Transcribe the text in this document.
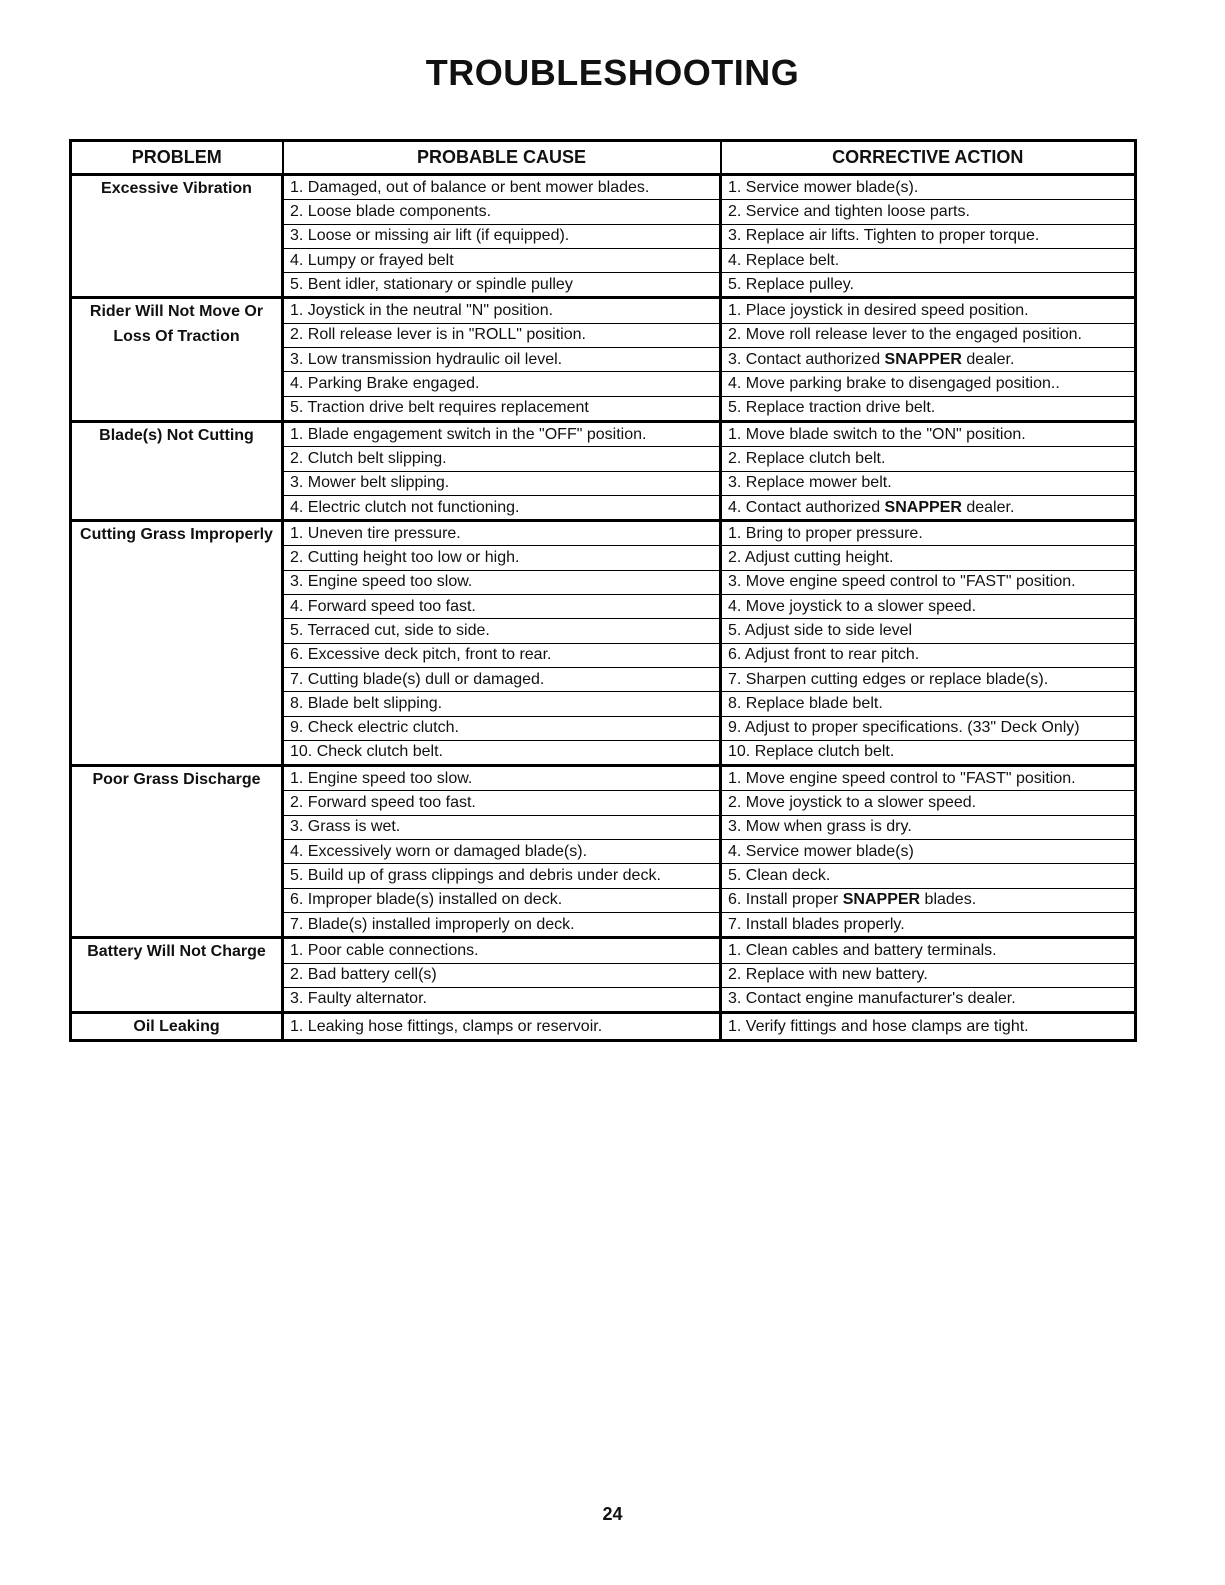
TROUBLESHOOTING
PROBLEM	PROBABLE CAUSE	CORRECTIVE ACTION
Excessive Vibration	1. Damaged, out of balance or bent mower blades.	1. Service mower blade(s).
	2. Loose blade components.	2. Service and tighten loose parts.
	3. Loose or missing air lift (if equipped).	3. Replace air lifts. Tighten to proper torque.
	4. Lumpy or frayed belt	4. Replace belt.
	5. Bent idler, stationary or spindle pulley	5. Replace pulley.
Rider Will Not Move Or Loss Of Traction	1. Joystick in the neutral "N" position.	1. Place joystick in desired speed position.
	2. Roll release lever is in "ROLL" position.	2. Move roll release lever to the engaged position.
	3. Low transmission hydraulic oil level.	3. Contact authorized SNAPPER dealer.
	4. Parking Brake engaged.	4. Move parking brake to disengaged position..
	5. Traction drive belt requires replacement	5. Replace traction drive belt.
Blade(s) Not Cutting	1. Blade engagement switch in the "OFF" position.	1. Move blade switch to the "ON" position.
	2. Clutch belt slipping.	2. Replace clutch belt.
	3. Mower belt slipping.	3. Replace mower belt.
	4. Electric clutch not functioning.	4. Contact authorized SNAPPER dealer.
Cutting Grass Improperly	1. Uneven tire pressure.	1. Bring to proper pressure.
	2. Cutting height too low or high.	2. Adjust cutting height.
	3. Engine speed too slow.	3. Move engine speed control to "FAST" position.
	4. Forward speed too fast.	4. Move joystick to a slower speed.
	5. Terraced cut, side to side.	5. Adjust side to side level
	6. Excessive deck pitch, front to rear.	6. Adjust front to rear pitch.
	7. Cutting blade(s) dull or damaged.	7. Sharpen cutting edges or replace blade(s).
	8. Blade belt slipping.	8. Replace blade belt.
	9. Check electric clutch.	9. Adjust to proper specifications. (33" Deck Only)
	10. Check clutch belt.	10. Replace clutch belt.
Poor Grass Discharge	1. Engine speed too slow.	1. Move engine speed control to "FAST" position.
	2. Forward speed too fast.	2. Move joystick to a slower speed.
	3. Grass is wet.	3. Mow when grass is dry.
	4. Excessively worn or damaged blade(s).	4. Service mower blade(s)
	5. Build up of grass clippings and debris under deck.	5. Clean deck.
	6. Improper blade(s) installed on deck.	6. Install proper SNAPPER blades.
	7. Blade(s) installed improperly on deck.	7. Install blades properly.
Battery Will Not Charge	1. Poor cable connections.	1. Clean cables and battery terminals.
	2. Bad battery cell(s)	2. Replace with new battery.
	3. Faulty alternator.	3. Contact engine manufacturer's dealer.
Oil Leaking	1. Leaking hose fittings, clamps or reservoir.	1. Verify fittings and hose clamps are tight.
24
